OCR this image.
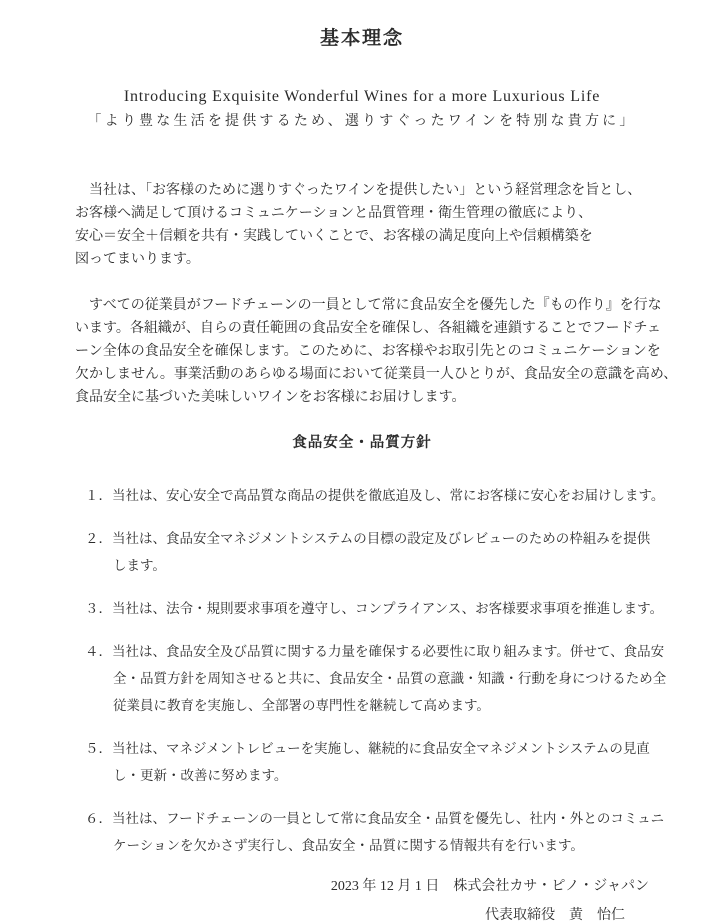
基本理念
Introducing Exquisite Wonderful Wines for a more Luxurious Life
「より豊な生活を提供するため、選りすぐったワインを特別な貴方に」
　当社は、「お客様のために選りすぐったワインを提供したい」という経営理念を旨とし、
お客様へ満足して頂けるコミュニケーションと品質管理・衛生管理の徹底により、
安心＝安全＋信頼を共有・実践していくことで、お客様の満足度向上や信頼構築を
図ってまいります。
　すべての従業員がフードチェーンの一員として常に食品安全を優先した『もの作り』を行な
います。各組織が、自らの責任範囲の食品安全を確保し、各組織を連鎖することでフードチェ
ーン全体の食品安全を確保します。このために、お客様やお取引先とのコミュニケーションを
欠かしません。事業活動のあらゆる場面において従業員一人ひとりが、食品安全の意識を高め、
食品安全に基づいた美味しいワインをお客様にお届けします。
食品安全・品質方針
１．当社は、安心安全で高品質な商品の提供を徹底追及し、常にお客様に安心をお届けします。
２．当社は、食品安全マネジメントシステムの目標の設定及びレビューのための枠組みを提供
します。
３．当社は、法令・規則要求事項を遵守し、コンプライアンス、お客様要求事項を推進します。
４．当社は、食品安全及び品質に関する力量を確保する必要性に取り組みます。併せて、食品安
全・品質方針を周知させると共に、食品安全・品質の意識・知識・行動を身につけるため全
従業員に教育を実施し、全部署の専門性を継続して高めます。
５．当社は、マネジメントレビューを実施し、継続的に食品安全マネジメントシステムの見直
し・更新・改善に努めます。
６．当社は、フードチェーンの一員として常に食品安全・品質を優先し、社内・外とのコミュニ
ケーションを欠かさず実行し、食品安全・品質に関する情報共有を行います。
2023 年 12 月 1 日　株式会社カサ・ピノ・ジャパン
代表取締役　黄　怡仁
